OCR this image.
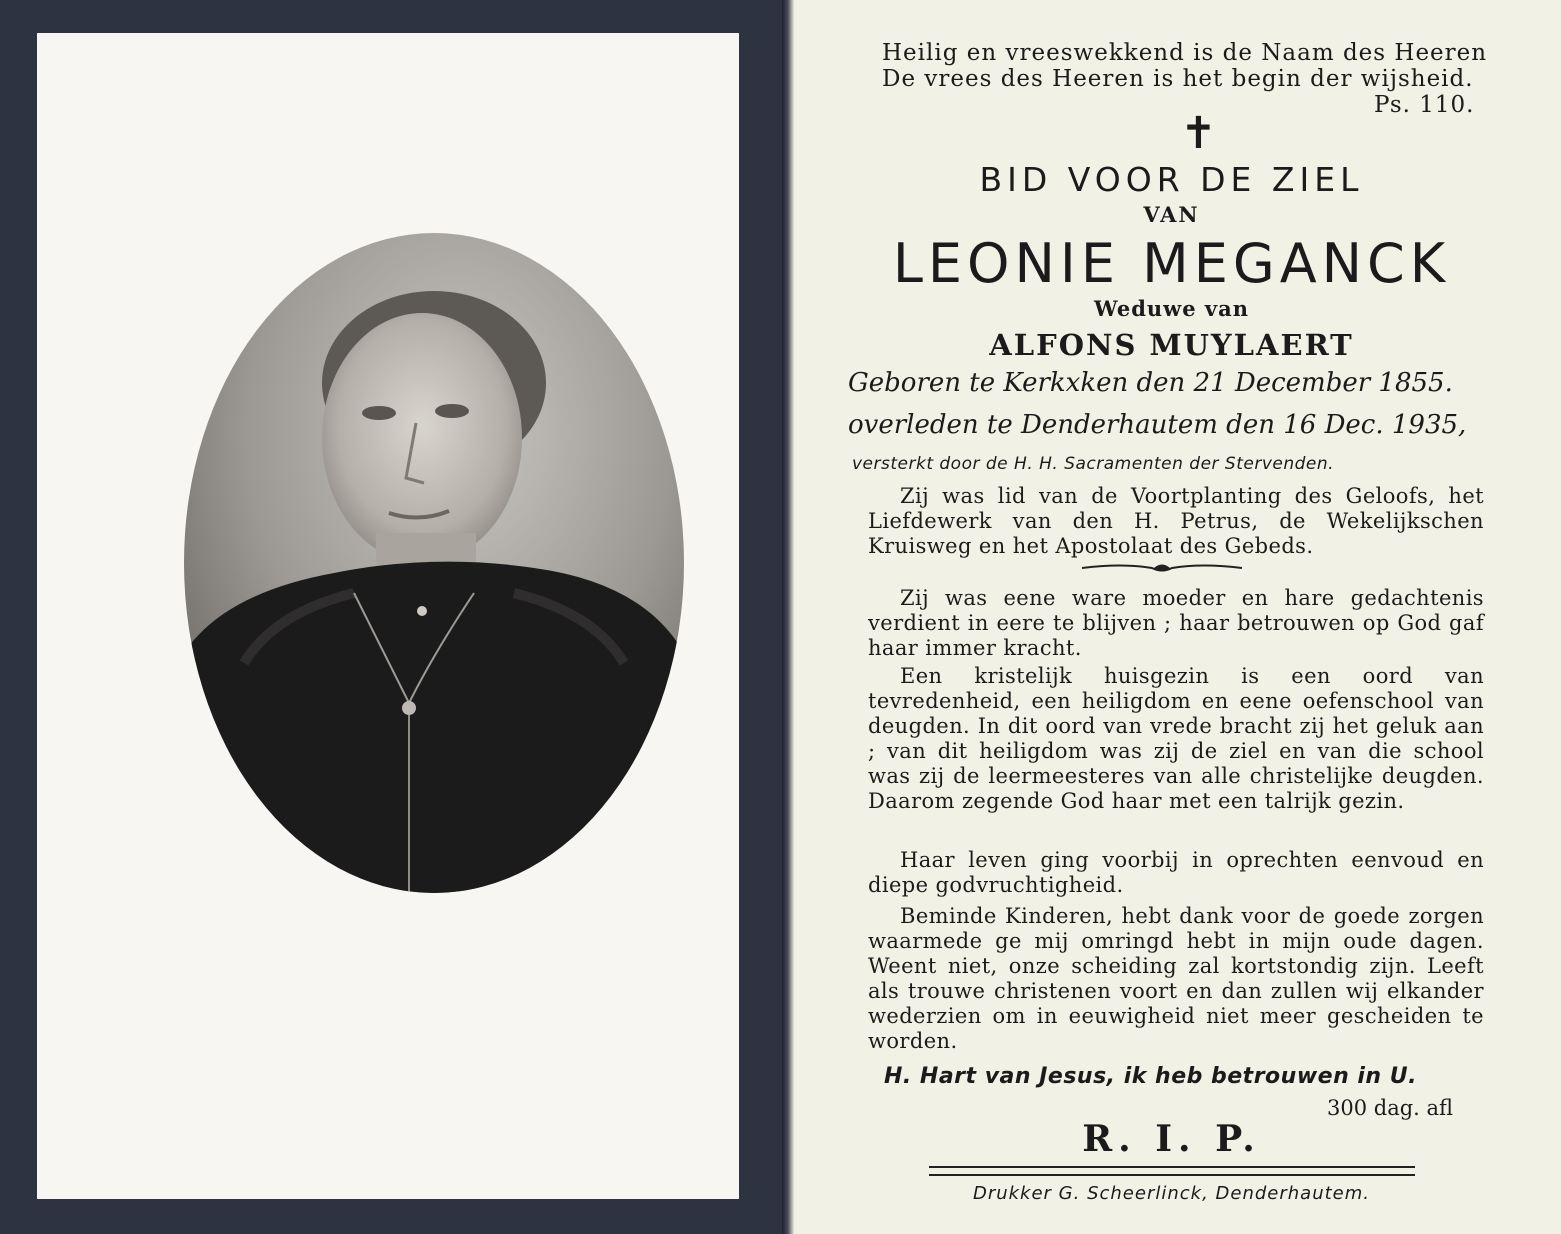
Heilig en vreeswekkend is de Naam des Heeren
De vrees des Heeren is het begin der wijsheid.
Ps. 110.
✝
BID VOOR DE ZIEL
VAN
LEONIE MEGANCK
Weduwe van
ALFONS MUYLAERT
Geboren te Kerkxken den 21 December 1855.
overleden te Denderhautem den 16 Dec. 1935,
versterkt door de H. H. Sacramenten der Stervenden.

Zij was lid van de Voortplanting des Geloofs, het Liefdewerk van den H. Petrus, de Wekelijkschen Kruisweg en het Apostolaat des Gebeds.

Zij was eene ware moeder en hare gedachtenis verdient in eere te blijven ; haar betrouwen op God gaf haar immer kracht.

Een kristelijk huisgezin is een oord van tevredenheid, een heiligdom en eene oefenschool van deugden. In dit oord van vrede bracht zij het geluk aan ; van dit heiligdom was zij de ziel en van die school was zij de leermeesteres van alle christelijke deugden. Daarom zegende God haar met een talrijk gezin.

Haar leven ging voorbij in oprechten eenvoud en diepe godvruchtigheid.

Beminde Kinderen, hebt dank voor de goede zorgen waarmede ge mij omringd hebt in mijn oude dagen. Weent niet, onze scheiding zal kortstondig zijn. Leeft als trouwe christenen voort en dan zullen wij elkander wederzien om in eeuwigheid niet meer gescheiden te worden.

H. Hart van Jesus, ik heb betrouwen in U.
300 dag. afl
R. I. P.
Drukker G. Scheerlinck, Denderhautem.
